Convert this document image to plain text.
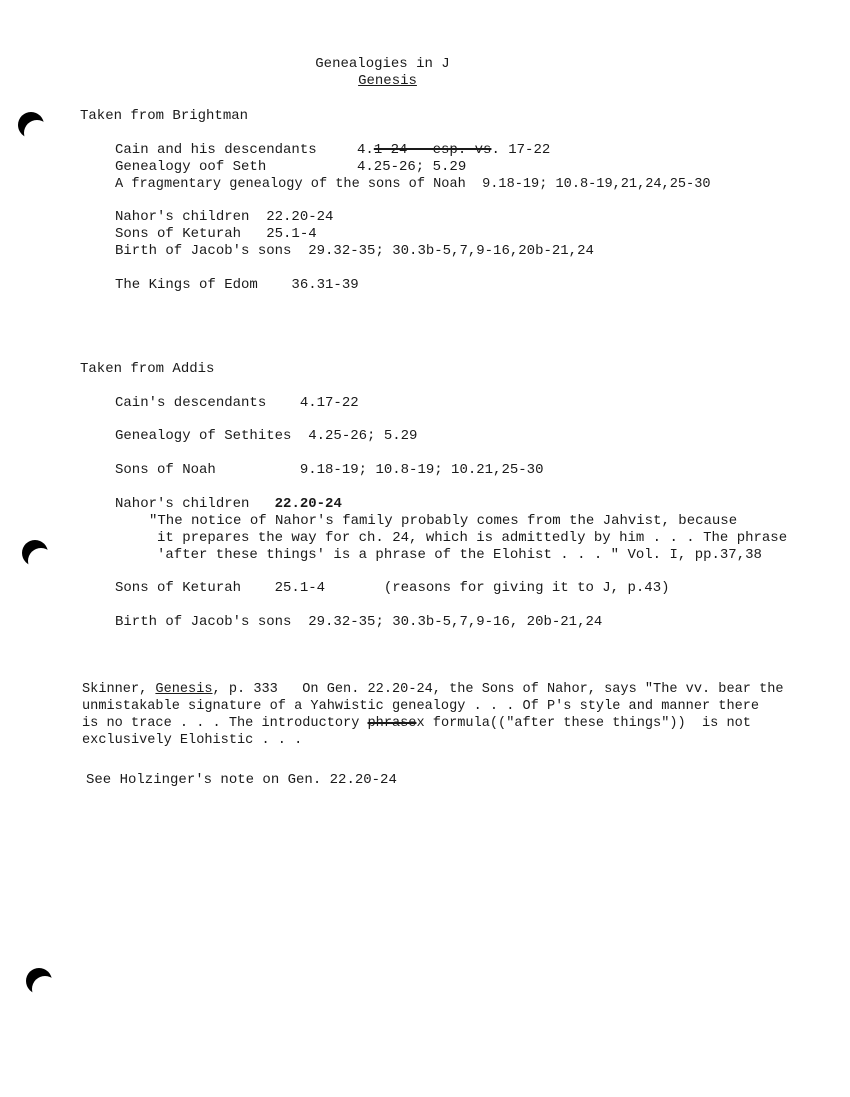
Genealogies in J
Genesis
Taken from Brightman
Cain and his descendants	4.1-24 --esp. vs. 17-22
Genealogy oof Seth	4.25-26; 5.29
A fragmentary genealogy of the sons of Noah  9.18-19; 10.8-19,21,24,25-30
Nahor's children  22.20-24
Sons of Keturah   25.1-4
Birth of Jacob's sons  29.32-35; 30.3b-5,7,9-16,20b-21,24
The Kings of Edom    36.31-39
Taken from Addis
Cain's descendants    4.17-22
Genealogy of Sethites  4.25-26; 5.29
Sons of Noah          9.18-19; 10.8-19; 10.21,25-30
Nahor's children   22.20-24
"The notice of Nahor's family probably comes from the Jahvist, because
it prepares the way for ch. 24, which is admittedly by him . . . The phrase
'after these things' is a phrase of the Elohist . . . " Vol. I, pp.37,38
Sons of Keturah    25.1-4       (reasons for giving it to J, p.43)
Birth of Jacob's sons  29.32-35; 30.3b-5,7,9-16, 20b-21,24
Skinner, Genesis, p. 333   On Gen. 22.20-24, the Sons of Nahor, says "The vv. bear the
unmistakable signature of a Yahwistic genealogy . . . Of P's style and manner there
is no trace . . . The introductory phrasex formula(("after these things"))  is not
exclusively Elohistic . . .
See Holzinger's note on Gen. 22.20-24
